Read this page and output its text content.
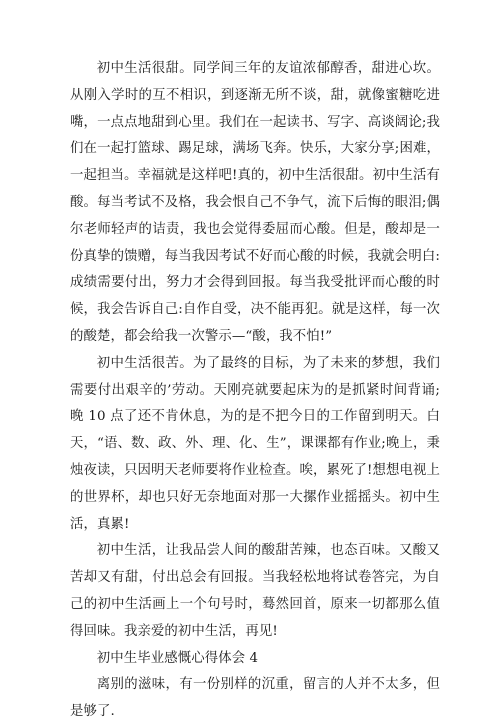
初中生活很甜。同学间三年的友谊浓郁醇香，甜进心坎。从刚入学时的互不相识，到逐渐无所不谈，甜，就像蜜糖吃进嘴，一点点地甜到心里。我们在一起读书、写字、高谈阔论;我们在一起打篮球、踢足球，满场飞奔。快乐，大家分享;困难，一起担当。幸福就是这样吧!真的，初中生活很甜。初中生活有酸。每当考试不及格，我会恨自己不争气，流下后悔的眼泪;偶尔老师轻声的诘责，我也会觉得委屈而心酸。但是，酸却是一份真挚的馈赠，每当我因考试不好而心酸的时候，我就会明白:成绩需要付出，努力才会得到回报。每当我受批评而心酸的时候，我会告诉自己:自作自受，决不能再犯。就是这样，每一次的酸楚，都会给我一次警示—“酸，我不怕!”

初中生活很苦。为了最终的目标，为了未来的梦想，我们需要付出艰辛的’劳动。天刚亮就要起床为的是抓紧时间背诵;晚 10 点了还不肯休息，为的是不把今日的工作留到明天。白天，“语、数、政、外、理、化、生”，课课都有作业;晚上，秉烛夜读，只因明天老师要将作业检查。唉，累死了!想想电视上的世界杯，却也只好无奈地面对那一大摞作业摇摇头。初中生活，真累!

初中生活，让我品尝人间的酸甜苦辣，也态百味。又酸又苦却又有甜，付出总会有回报。当我轻松地将试卷答完，为自己的初中生活画上一个句号时，蓦然回首，原来一切都那么值得回味。我亲爱的初中生活，再见!

初中生毕业感慨心得体会 4

离别的滋味，有一份别样的沉重，留言的人并不太多，但是够了.
